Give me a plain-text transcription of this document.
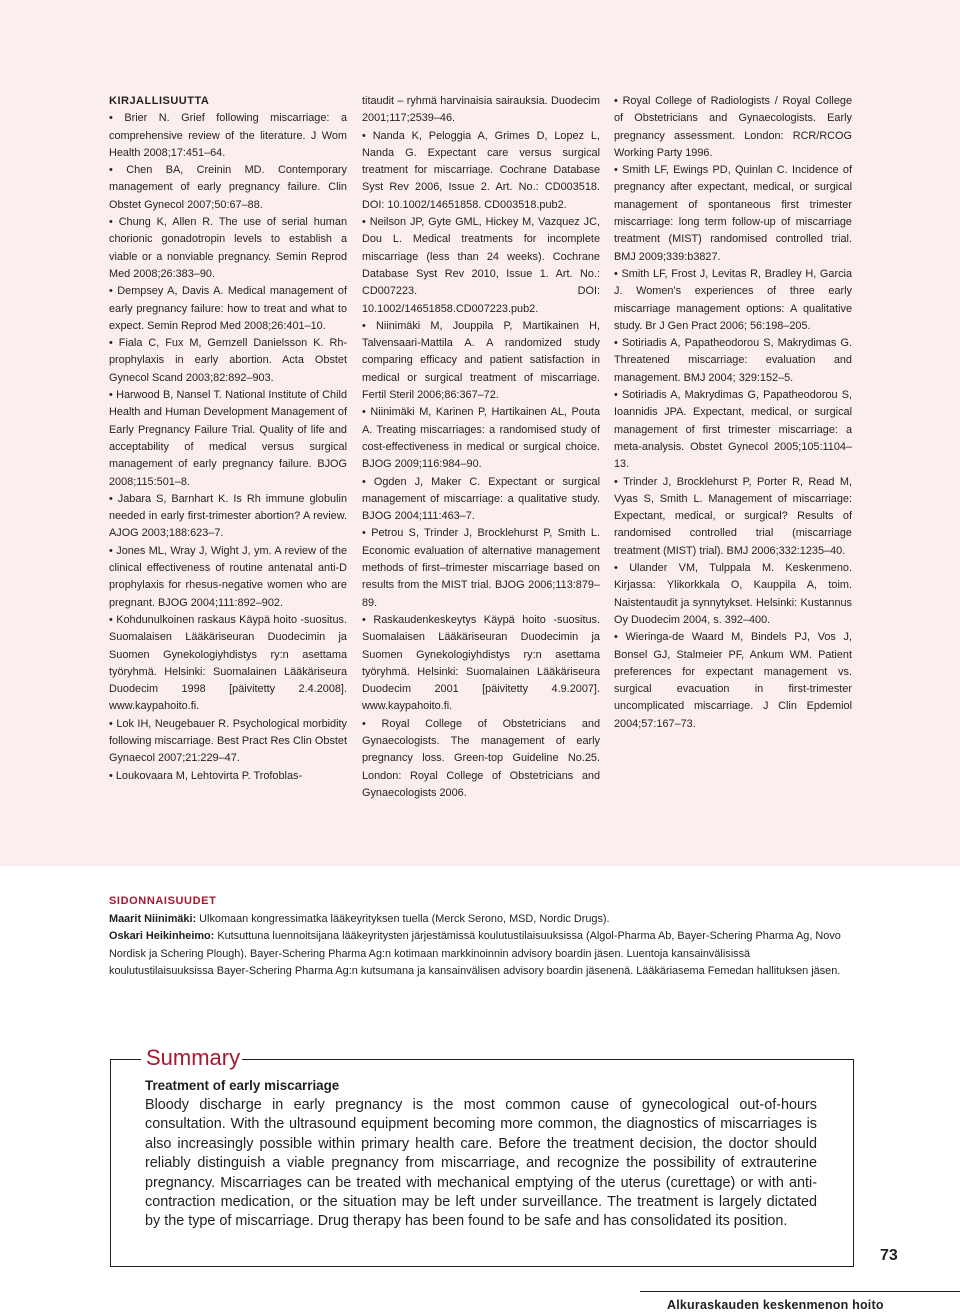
KIRJALLISUUTTA
• Brier N. Grief following miscarriage: a comprehensive review of the literature. J Wom Health 2008;17:451–64.
• Chen BA, Creinin MD. Contemporary management of early pregnancy failure. Clin Obstet Gynecol 2007;50:67–88.
• Chung K, Allen R. The use of serial human chorionic gonadotropin levels to establish a viable or a nonviable pregnancy. Semin Reprod Med 2008;26:383–90.
• Dempsey A, Davis A. Medical management of early pregnancy failure: how to treat and what to expect. Semin Reprod Med 2008;26:401–10.
• Fiala C, Fux M, Gemzell Danielsson K. Rh-prophylaxis in early abortion. Acta Obstet Gynecol Scand 2003;82:892–903.
• Harwood B, Nansel T. National Institute of Child Health and Human Development Management of Early Pregnancy Failure Trial. Quality of life and acceptability of medical versus surgical management of early pregnancy failure. BJOG 2008;115:501–8.
• Jabara S, Barnhart K. Is Rh immune globulin needed in early first-trimester abortion? A review. AJOG 2003;188:623–7.
• Jones ML, Wray J, Wight J, ym. A review of the clinical effectiveness of routine antenatal anti-D prophylaxis for rhesus-negative women who are pregnant. BJOG 2004;111:892–902.
• Kohdunulkoinen raskaus Käypä hoito -suositus. Suomalaisen Lääkäriseuran Duodecimin ja Suomen Gynekologiyhdistys ry:n asettama työryhmä. Helsinki: Suomalainen Lääkäriseura Duodecim 1998 [päivitetty 2.4.2008]. www.kaypahoito.fi.
• Lok IH, Neugebauer R. Psychological morbidity following miscarriage. Best Pract Res Clin Obstet Gynaecol 2007;21:229–47.
• Loukovaara M, Lehtovirta P. Trofoblas-
titaudit – ryhmä harvinaisia sairauksia. Duodecim 2001;117;2539–46.
• Nanda K, Peloggia A, Grimes D, Lopez L, Nanda G. Expectant care versus surgical treatment for miscarriage. Cochrane Database Syst Rev 2006, Issue 2. Art. No.: CD003518. DOI: 10.1002/14651858. CD003518.pub2.
• Neilson JP, Gyte GML, Hickey M, Vazquez JC, Dou L. Medical treatments for incomplete miscarriage (less than 24 weeks). Cochrane Database Syst Rev 2010, Issue 1. Art. No.: CD007223. DOI: 10.1002/14651858.CD007223.pub2.
• Niinimäki M, Jouppila P, Martikainen H, Talvensaari-Mattila A. A randomized study comparing efficacy and patient satisfaction in medical or surgical treatment of miscarriage. Fertil Steril 2006;86:367–72.
• Niinimäki M, Karinen P, Hartikainen AL, Pouta A. Treating miscarriages: a randomised study of cost-effectiveness in medical or surgical choice. BJOG 2009;116:984–90.
• Ogden J, Maker C. Expectant or surgical management of miscarriage: a qualitative study. BJOG 2004;111:463–7.
• Petrou S, Trinder J, Brocklehurst P, Smith L. Economic evaluation of alternative management methods of first–trimester miscarriage based on results from the MIST trial. BJOG 2006;113:879–89.
• Raskaudenkeskeytys Käypä hoito -suositus. Suomalaisen Lääkäriseuran Duodecimin ja Suomen Gynekologiyhdistys ry:n asettama työryhmä. Helsinki: Suomalainen Lääkäriseura Duodecim 2001 [päivitetty 4.9.2007]. www.kaypahoito.fi.
• Royal College of Obstetricians and Gynaecologists. The management of early pregnancy loss. Green-top Guideline No.25. London: Royal College of Obstetricians and Gynaecologists 2006.
• Royal College of Radiologists / Royal College of Obstetricians and Gynaecologists. Early pregnancy assessment. London: RCR/RCOG Working Party 1996.
• Smith LF, Ewings PD, Quinlan C. Incidence of pregnancy after expectant, medical, or surgical management of spontaneous first trimester miscarriage: long term follow-up of miscarriage treatment (MIST) randomised controlled trial. BMJ 2009;339:b3827.
• Smith LF, Frost J, Levitas R, Bradley H, Garcia J. Women's experiences of three early miscarriage management options: A qualitative study. Br J Gen Pract 2006; 56:198–205.
• Sotiriadis A, Papatheodorou S, Makrydimas G. Threatened miscarriage: evaluation and management. BMJ 2004; 329:152–5.
• Sotiriadis A, Makrydimas G, Papatheodorou S, Ioannidis JPA. Expectant, medical, or surgical management of first trimester miscarriage: a meta-analysis. Obstet Gynecol 2005;105:1104–13.
• Trinder J, Brocklehurst P, Porter R, Read M, Vyas S, Smith L. Management of miscarriage: Expectant, medical, or surgical? Results of randomised controlled trial (miscarriage treatment (MIST) trial). BMJ 2006;332:1235–40.
• Ulander VM, Tulppala M. Keskenmeno. Kirjassa: Ylikorkkala O, Kauppila A, toim. Naistentaudit ja synnytykset. Helsinki: Kustannus Oy Duodecim 2004, s. 392–400.
• Wieringa-de Waard M, Bindels PJ, Vos J, Bonsel GJ, Stalmeier PF, Ankum WM. Patient preferences for expectant management vs. surgical evacuation in first-trimester uncomplicated miscarriage. J Clin Epdemiol 2004;57:167–73.
SIDONNAISUUDET
Maarit Niinimäki: Ulkomaan kongressimatka lääkeyrityksen tuella (Merck Serono, MSD, Nordic Drugs).
Oskari Heikinheimo: Kutsuttuna luennoitsijana lääkeyritysten järjestämissä koulutustilaisuuksissa (Algol-Pharma Ab, Bayer-Schering Pharma Ag, Novo Nordisk ja Schering Plough). Bayer-Schering Pharma Ag:n kotimaan markkinoinnin advisory boardin jäsen. Luentoja kansainvälisissä koulutustilaisuuksissa Bayer-Schering Pharma Ag:n kutsumana ja kansainvälisen advisory boardin jäsenenä. Lääkäriasema Femedan hallituksen jäsen.
Summary
Treatment of early miscarriage
Bloody discharge in early pregnancy is the most common cause of gynecological out-of-hours consultation. With the ultrasound equipment becoming more common, the diagnostics of miscarriages is also increasingly possible within primary health care. Before the treatment decision, the doctor should reliably distinguish a viable pregnancy from miscarriage, and recognize the possibility of extrauterine pregnancy. Miscarriages can be treated with mechanical emptying of the uterus (curettage) or with anti-contraction medication, or the situation may be left under surveillance. The treatment is largely dictated by the type of miscarriage. Drug therapy has been found to be safe and has consolidated its position.
73
Alkuraskauden keskenmenon hoito
